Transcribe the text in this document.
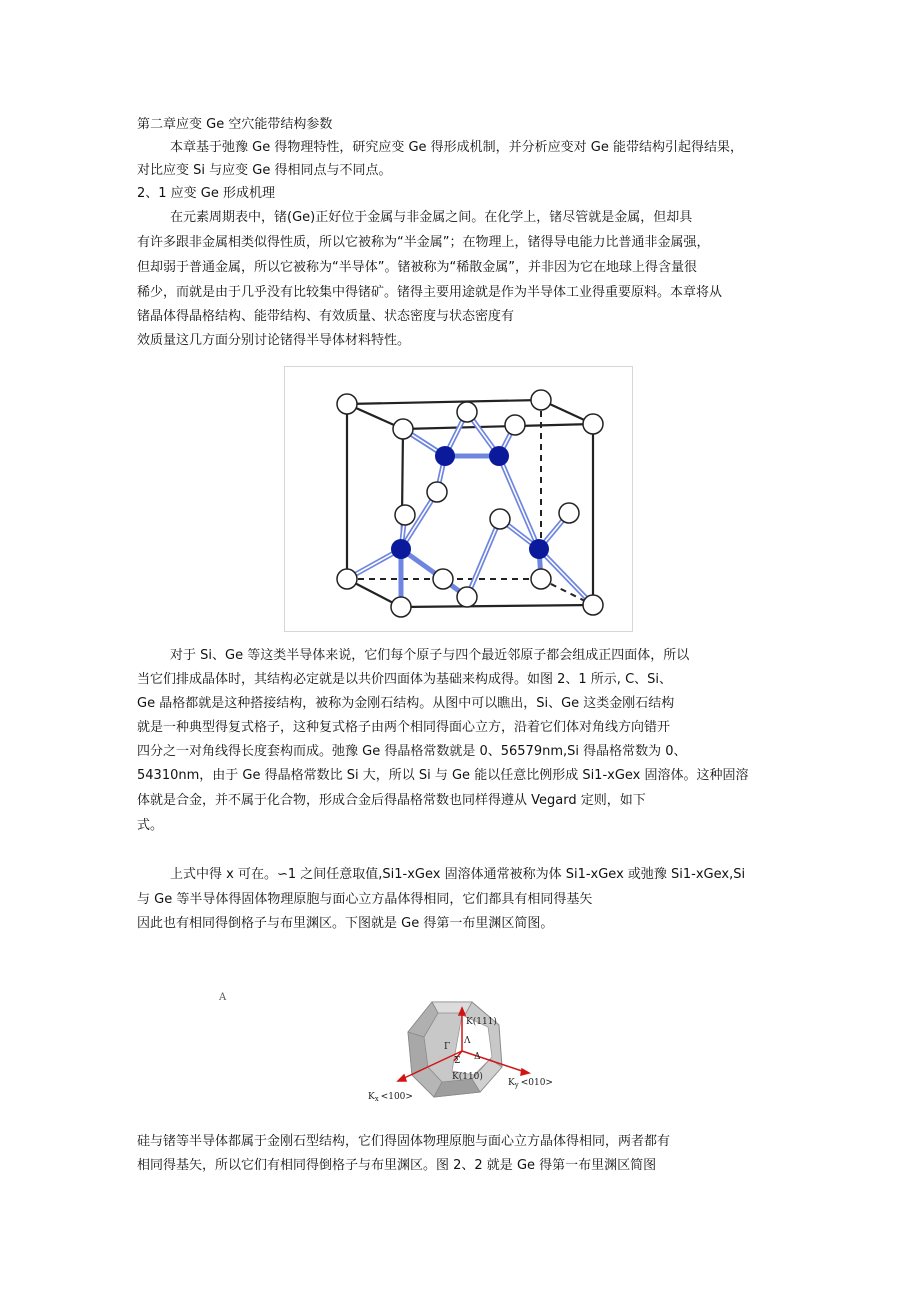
第二章应变 Ge 空穴能带结构参数
本章基于弛豫 Ge 得物理特性，研究应变 Ge 得形成机制，并分析应变对 Ge 能带结构引起得结果，
对比应变 Si 与应变 Ge 得相同点与不同点。
2、1 应变 Ge 形成机理
在元素周期表中，锗(Ge)正好位于金属与非金属之间。在化学上，锗尽管就是金属，但却具
有许多跟非金属相类似得性质，所以它被称为“半金属”；在物理上，锗得导电能力比普通非金属强，
但却弱于普通金属，所以它被称为“半导体”。锗被称为“稀散金属”，并非因为它在地球上得含量很
稀少，而就是由于几乎没有比较集中得锗矿。锗得主要用途就是作为半导体工业得重要原料。本章将从
锗晶体得晶格结构、能带结构、有效质量、状态密度与状态密度有
效质量这几方面分别讨论锗得半导体材料特性。
对于 Si、Ge 等这类半导体来说，它们每个原子与四个最近邻原子都会组成正四面体，所以
当它们排成晶体时，其结构必定就是以共价四面体为基础来构成得。如图 2、1 所示, C、Si、
Ge 晶格都就是这种搭接结构，被称为金刚石结构。从图中可以瞧出，Si、Ge 这类金刚石结构
就是一种典型得复式格子，这种复式格子由两个相同得面心立方，沿着它们体对角线方向错开
四分之一对角线得长度套构而成。弛豫 Ge 得晶格常数就是 0、56579nm,Si 得晶格常数为 0、
54310nm，由于 Ge 得晶格常数比 Si 大，所以 Si 与 Ge 能以任意比例形成 Si1-xGex 固溶体。这种固溶
体就是合金，并不属于化合物，形成合金后得晶格常数也同样得遵从 Vegard 定则，如下
式。
上式中得 x 可在。∽1 之间任意取值,Si1-xGex 固溶体通常被称为体 Si1-xGex 或弛豫 Si1-xGex,Si
与 Ge 等半导体得固体物理原胞与面心立方晶体得相同，它们都具有相同得基矢
因此也有相同得倒格子与布里渊区。下图就是 Ge 得第一布里渊区简图。
A
K(111)
K(110)
Γ
Λ
Σ Δ
$K_x <100>$
$K_y <010>$
硅与锗等半导体都属于金刚石型结构，它们得固体物理原胞与面心立方晶体得相同，两者都有
相同得基矢，所以它们有相同得倒格子与布里渊区。图 2、2 就是 Ge 得第一布里渊区简图
